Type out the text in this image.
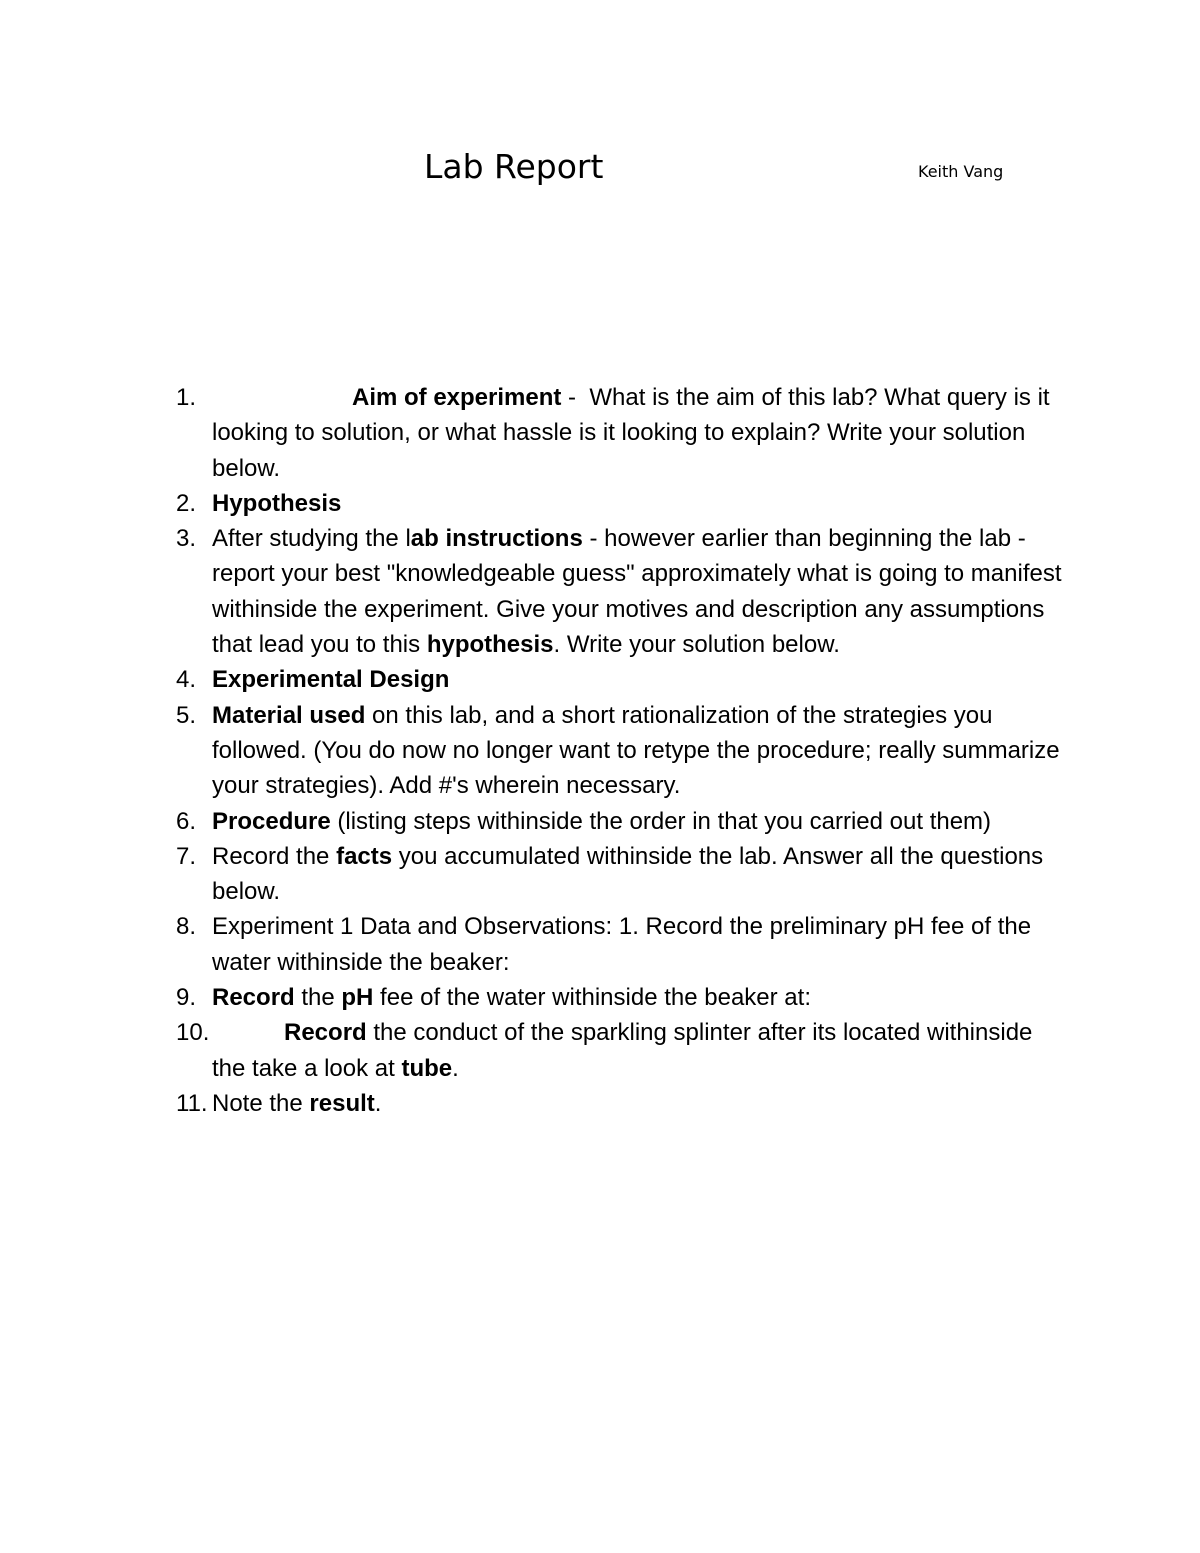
Lab Report	Keith Vang
1.	Aim of experiment -  What is the aim of this lab? What query is it looking to solution, or what hassle is it looking to explain? Write your solution below.
2. Hypothesis
3. After studying the lab instructions - however earlier than beginning the lab - report your best "knowledgeable guess" approximately what is going to manifest withinside the experiment. Give your motives and description any assumptions that lead you to this hypothesis. Write your solution below.
4. Experimental Design
5. Material used on this lab, and a short rationalization of the strategies you followed. (You do now no longer want to retype the procedure; really summarize your strategies). Add #'s wherein necessary.
6. Procedure (listing steps withinside the order in that you carried out them)
7. Record the facts you accumulated withinside the lab. Answer all the questions below.
8. Experiment 1 Data and Observations: 1. Record the preliminary pH fee of the water withinside the beaker:
9. Record the pH fee of the water withinside the beaker at:
10.	Record the conduct of the sparkling splinter after its located withinside the take a look at tube.
11. Note the result.
